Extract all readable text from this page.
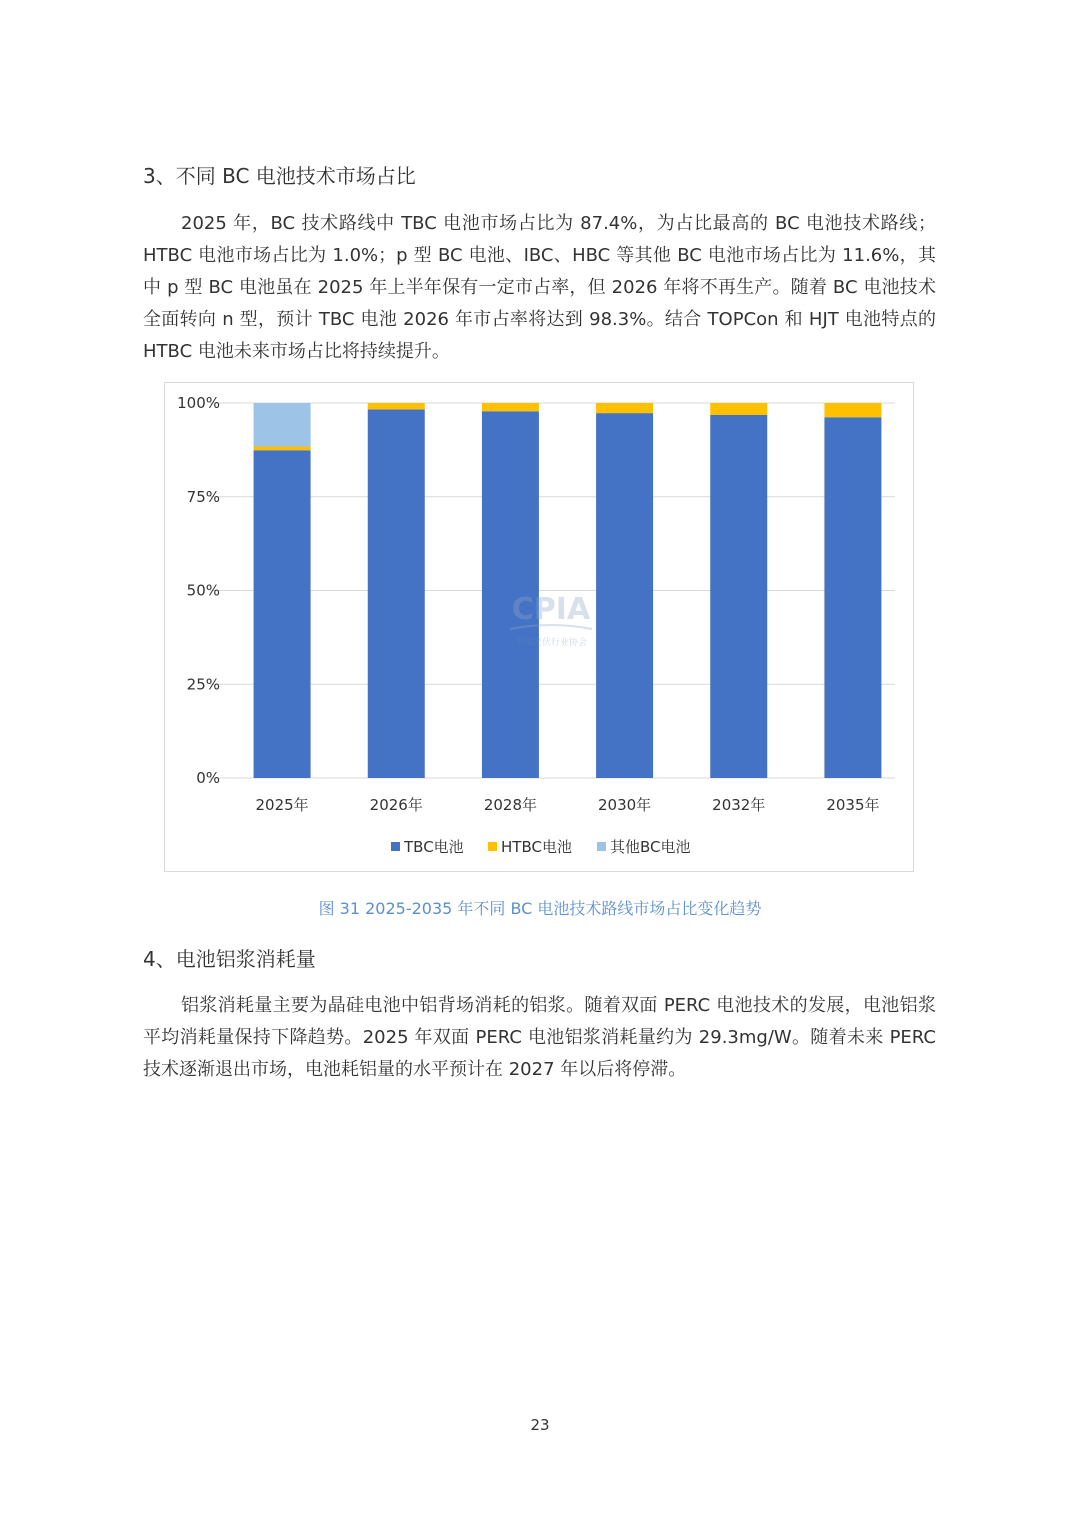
3、不同 BC 电池技术市场占比
2025 年，BC 技术路线中 TBC 电池市场占比为 87.4%，为占比最高的 BC 电池技术路线；HTBC 电池市场占比为 1.0%；p 型 BC 电池、IBC、HBC 等其他 BC 电池市场占比为 11.6%，其中 p 型 BC 电池虽在 2025 年上半年保有一定市占率，但 2026 年将不再生产。随着 BC 电池技术全面转向 n 型，预计 TBC 电池 2026 年市占率将达到 98.3%。结合 TOPCon 和 HJT 电池特点的 HTBC 电池未来市场占比将持续提升。
CPIA
中国光伏行业协会
0%
25%
50%
75%
100%
2025年	2026年	2028年	2030年	2032年	2035年
TBC电池 HTBC电池	其他BC电池
图 31 2025-2035 年不同 BC 电池技术路线市场占比变化趋势
4、电池铝浆消耗量
铝浆消耗量主要为晶硅电池中铝背场消耗的铝浆。随着双面 PERC 电池技术的发展，电池铝浆平均消耗量保持下降趋势。2025 年双面 PERC 电池铝浆消耗量约为 29.3mg/W。随着未来 PERC 技术逐渐退出市场，电池耗铝量的水平预计在 2027 年以后将停滞。
23
